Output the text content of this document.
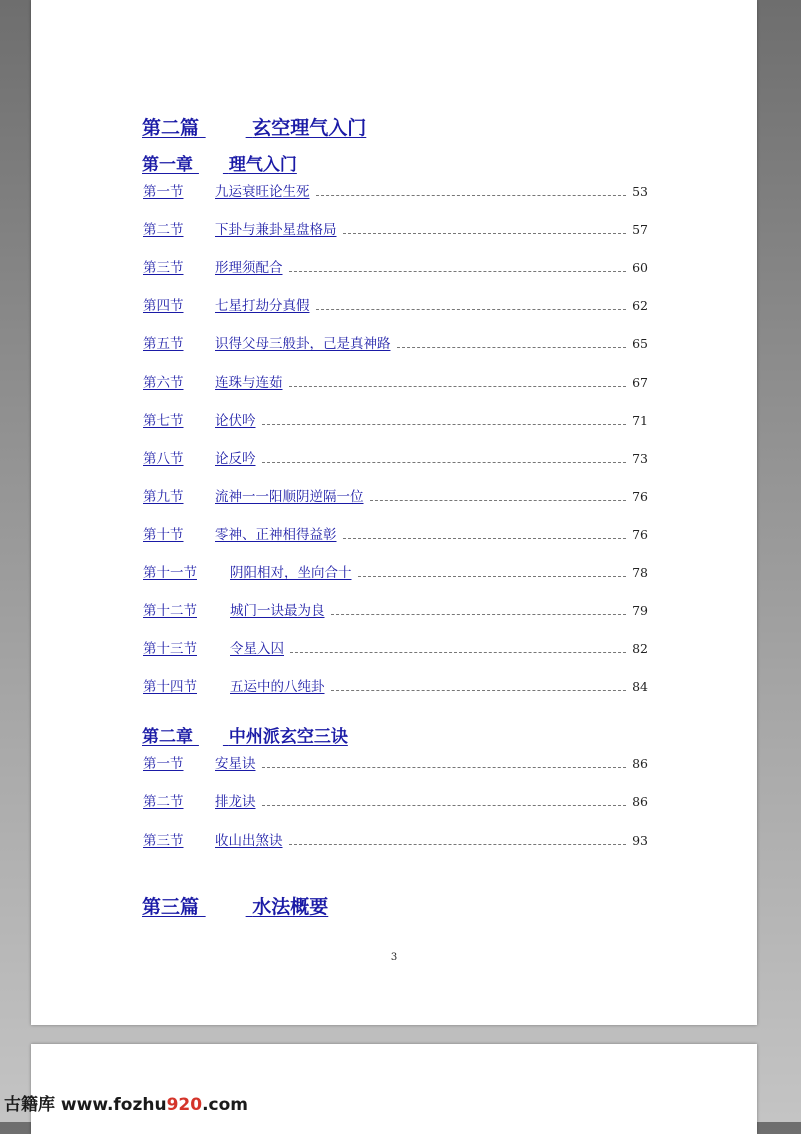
第二篇	玄空理气入门
第一章 理气入门
第一节	九运衰旺论生死	53
第二节	下卦与兼卦星盘格局	57
第三节	形理须配合	60
第四节	七星打劫分真假	62
第五节	识得父母三般卦，己是真神路	65
第六节	连珠与连茹	67
第七节	论伏吟	71
第八节	论反吟	73
第九节	流神一一阳顺阴逆隔一位	76
第十节	零神、正神相得益彰	76
第十一节	阴阳相对，坐向合十	78
第十二节	城门一诀最为良	79
第十三节	令星入囚	82
第十四节	五运中的八纯卦	84
第二章 中州派玄空三诀
第一节	安星诀	86
第二节	排龙诀	86
第三节	收山出煞诀	93
第三篇	水法概要
3
古籍库 www.fozhu920.com
